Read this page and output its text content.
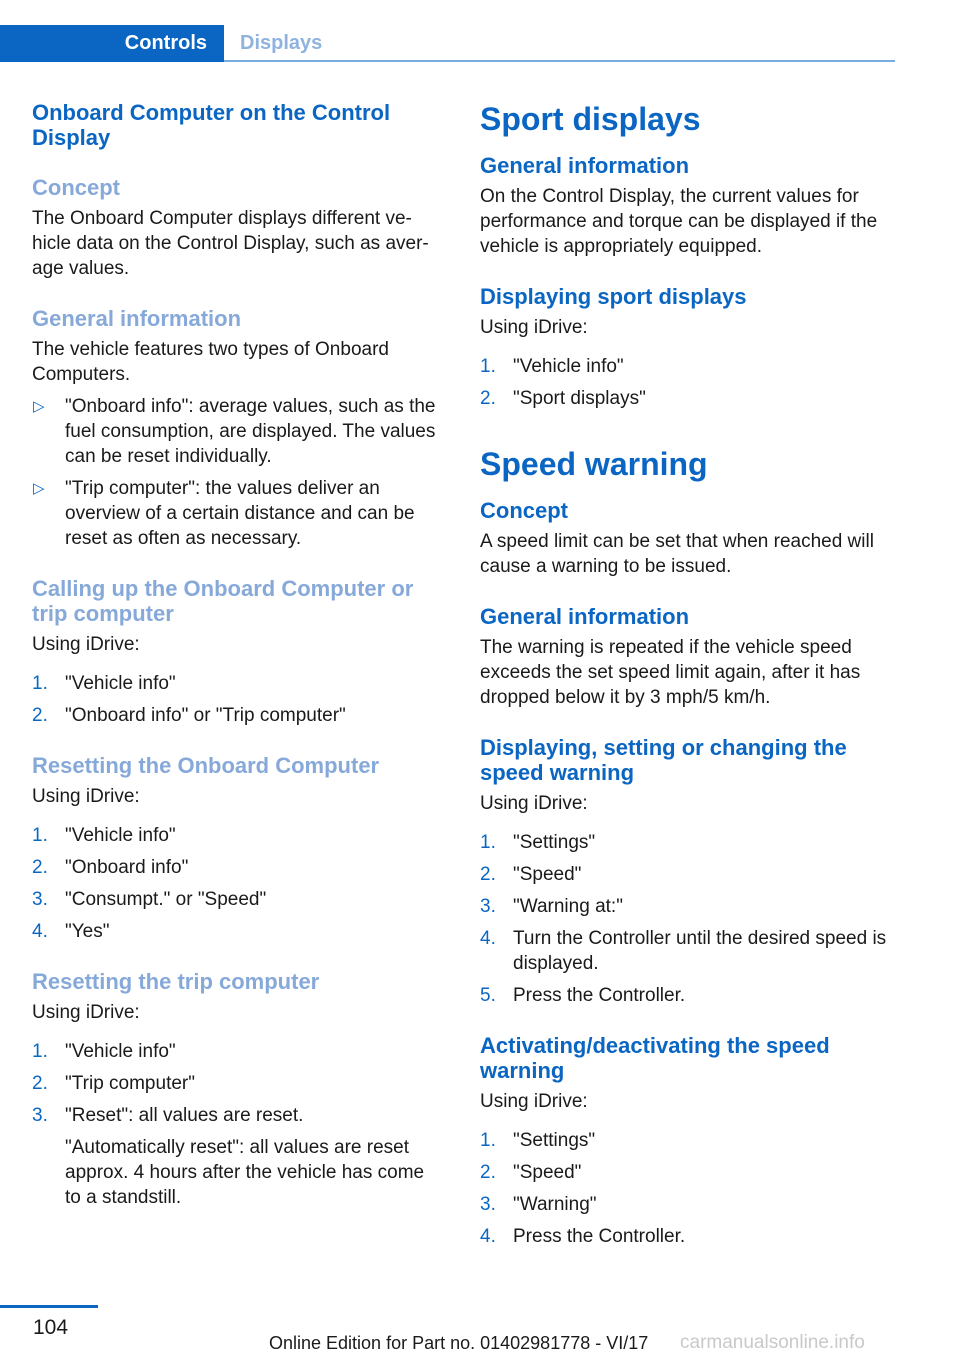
Controls	Displays
Onboard Computer on the Control Display
Concept
The Onboard Computer displays different vehicle data on the Control Display, such as average values.
General information
The vehicle features two types of Onboard Computers.
▷ "Onboard info": average values, such as the fuel consumption, are displayed. The values can be reset individually.
▷ "Trip computer": the values deliver an overview of a certain distance and can be reset as often as necessary.
Calling up the Onboard Computer or trip computer
Using iDrive:
1. "Vehicle info"
2. "Onboard info" or "Trip computer"
Resetting the Onboard Computer
Using iDrive:
1. "Vehicle info"
2. "Onboard info"
3. "Consumpt." or "Speed"
4. "Yes"
Resetting the trip computer
Using iDrive:
1. "Vehicle info"
2. "Trip computer"
3. "Reset": all values are reset.
"Automatically reset": all values are reset approx. 4 hours after the vehicle has come to a standstill.
Sport displays
General information
On the Control Display, the current values for performance and torque can be displayed if the vehicle is appropriately equipped.
Displaying sport displays
Using iDrive:
1. "Vehicle info"
2. "Sport displays"
Speed warning
Concept
A speed limit can be set that when reached will cause a warning to be issued.
General information
The warning is repeated if the vehicle speed exceeds the set speed limit again, after it has dropped below it by 3 mph/5 km/h.
Displaying, setting or changing the speed warning
Using iDrive:
1. "Settings"
2. "Speed"
3. "Warning at:"
4. Turn the Controller until the desired speed is displayed.
5. Press the Controller.
Activating/deactivating the speed warning
Using iDrive:
1. "Settings"
2. "Speed"
3. "Warning"
4. Press the Controller.
104
Online Edition for Part no. 01402981778 - VI/17 carmanualsonline.info
